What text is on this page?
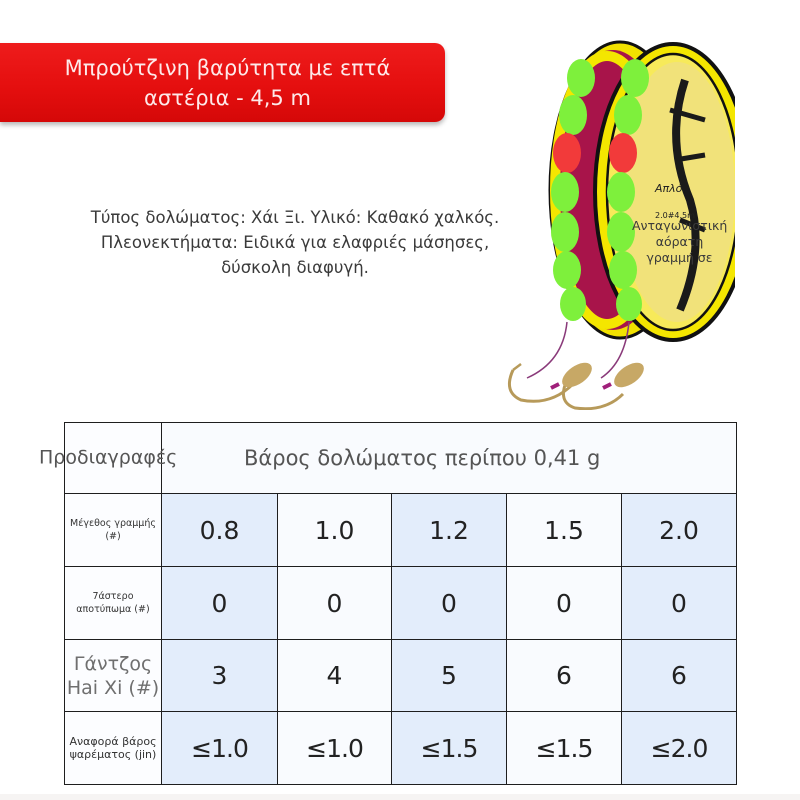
Μπρούτζινη βαρύτητα με επτά αστέρια - 4,5 m
Τύπος δολώματος: Χάι Ξι. Υλικό: Καθακό χαλκός.
Πλεονεκτήματα: Ειδικά για ελαφριές μάσησες,
δύσκολη διαφυγή.
Απλό
2.0#4.5m
Ανταγωνιστική αόρατη γραμμή σε
Προδιαγραφές	Βάρος δολώματος περίπου 0,41 g				
Μέγεθος γραμμής (#)	0.8	1.0	1.2	1.5	2.0
7άστερο αποτύπωμα (#)	0	0	0	0	0
Γάντζος Hai Xi (#)	3	4	5	6	6
Αναφορά βάρος ψαρέματος (jin)	≤1.0	≤1.0	≤1.5	≤1.5	≤2.0
